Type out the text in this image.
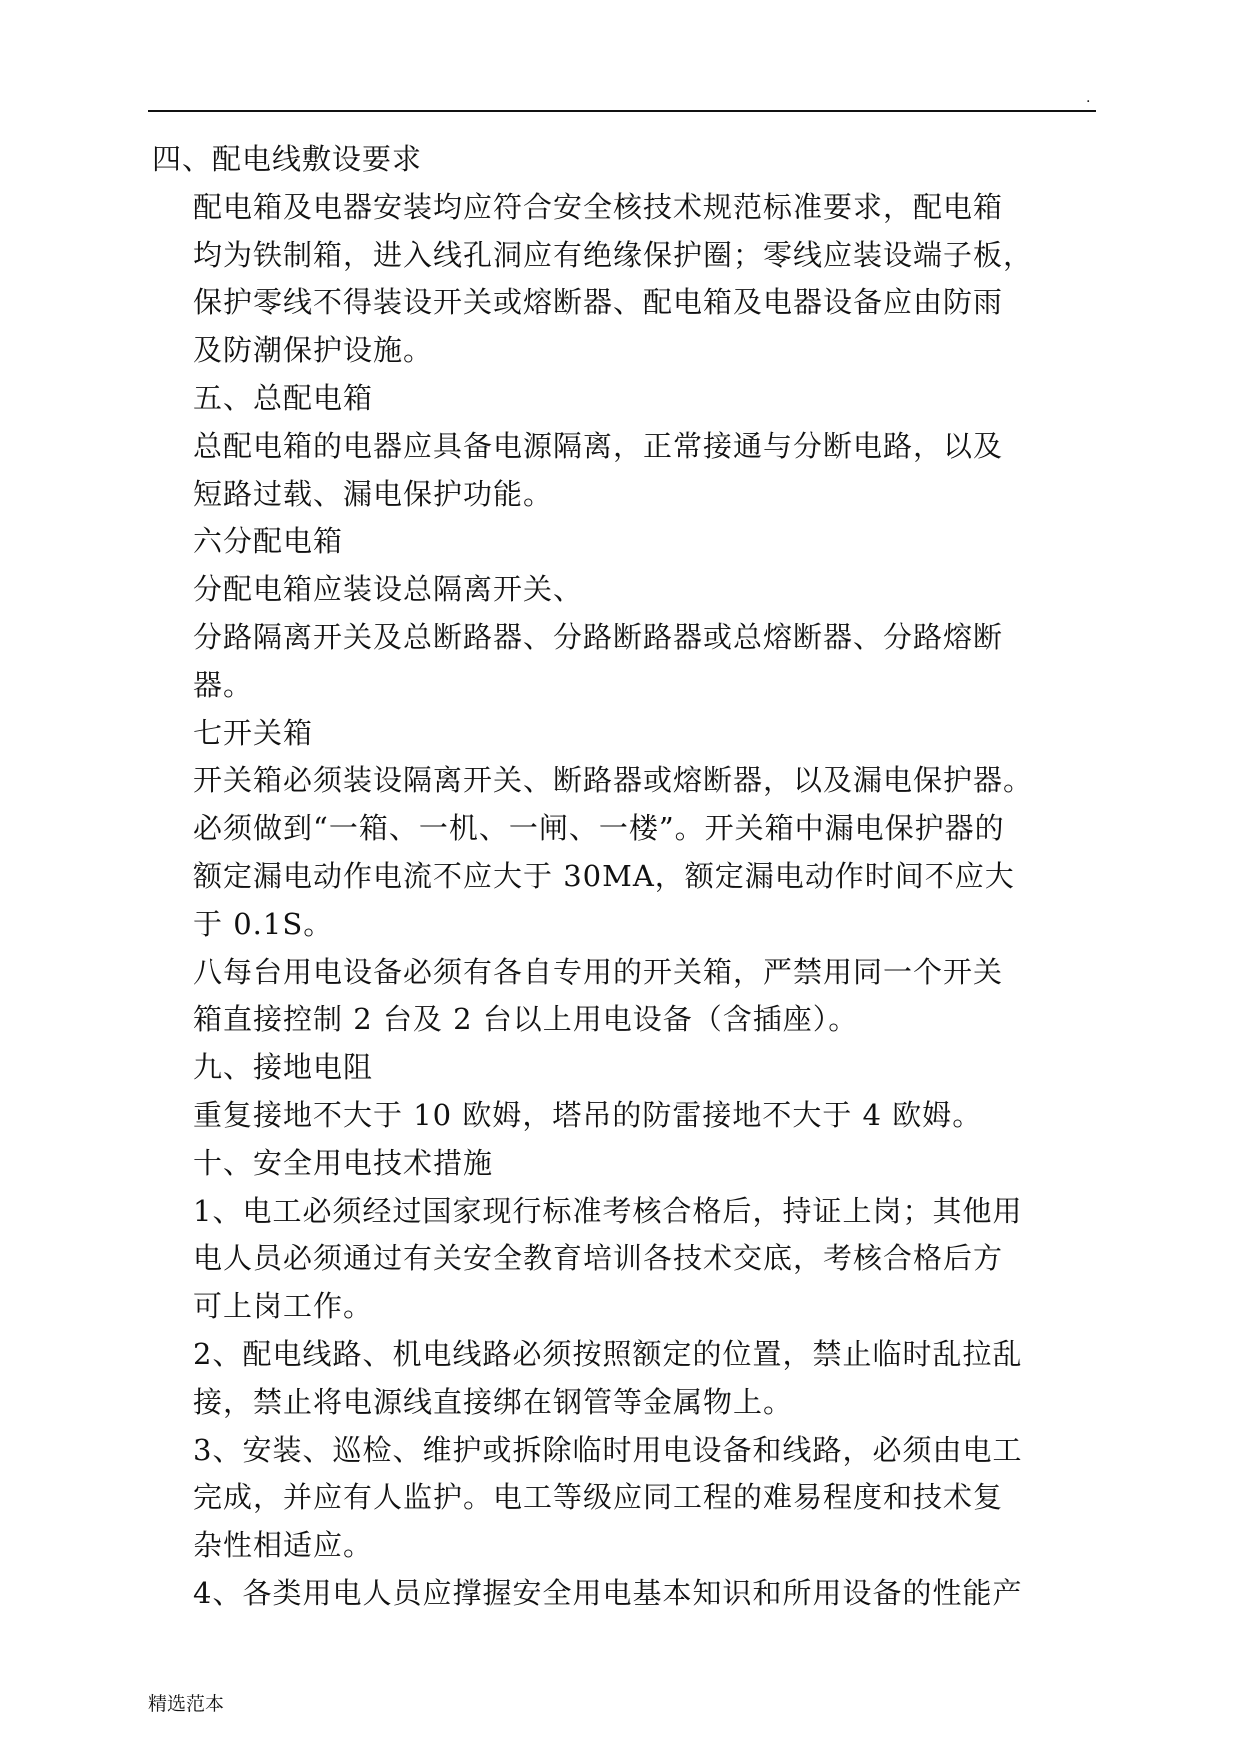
.
四、配电线敷设要求
配电箱及电器安装均应符合安全核技术规范标准要求，配电箱
均为铁制箱，进入线孔洞应有绝缘保护圈；零线应装设端子板，
保护零线不得装设开关或熔断器、配电箱及电器设备应由防雨
及防潮保护设施。
五、总配电箱
总配电箱的电器应具备电源隔离，正常接通与分断电路，以及
短路过载、漏电保护功能。
六分配电箱
分配电箱应装设总隔离开关、
分路隔离开关及总断路器、分路断路器或总熔断器、分路熔断
器。
七开关箱
开关箱必须装设隔离开关、断路器或熔断器，以及漏电保护器。
必须做到“一箱、一机、一闸、一楼”。开关箱中漏电保护器的
额定漏电动作电流不应大于 30MA，额定漏电动作时间不应大
于 0.1S。
八每台用电设备必须有各自专用的开关箱，严禁用同一个开关
箱直接控制 2 台及 2 台以上用电设备（含插座）。
九、接地电阻
重复接地不大于 10 欧姆，塔吊的防雷接地不大于 4 欧姆。
十、安全用电技术措施
1、电工必须经过国家现行标准考核合格后，持证上岗；其他用
电人员必须通过有关安全教育培训各技术交底，考核合格后方
可上岗工作。
2、配电线路、机电线路必须按照额定的位置，禁止临时乱拉乱
接，禁止将电源线直接绑在钢管等金属物上。
3、安装、巡检、维护或拆除临时用电设备和线路，必须由电工
完成，并应有人监护。电工等级应同工程的难易程度和技术复
杂性相适应。
4、各类用电人员应撑握安全用电基本知识和所用设备的性能产
精选范本
